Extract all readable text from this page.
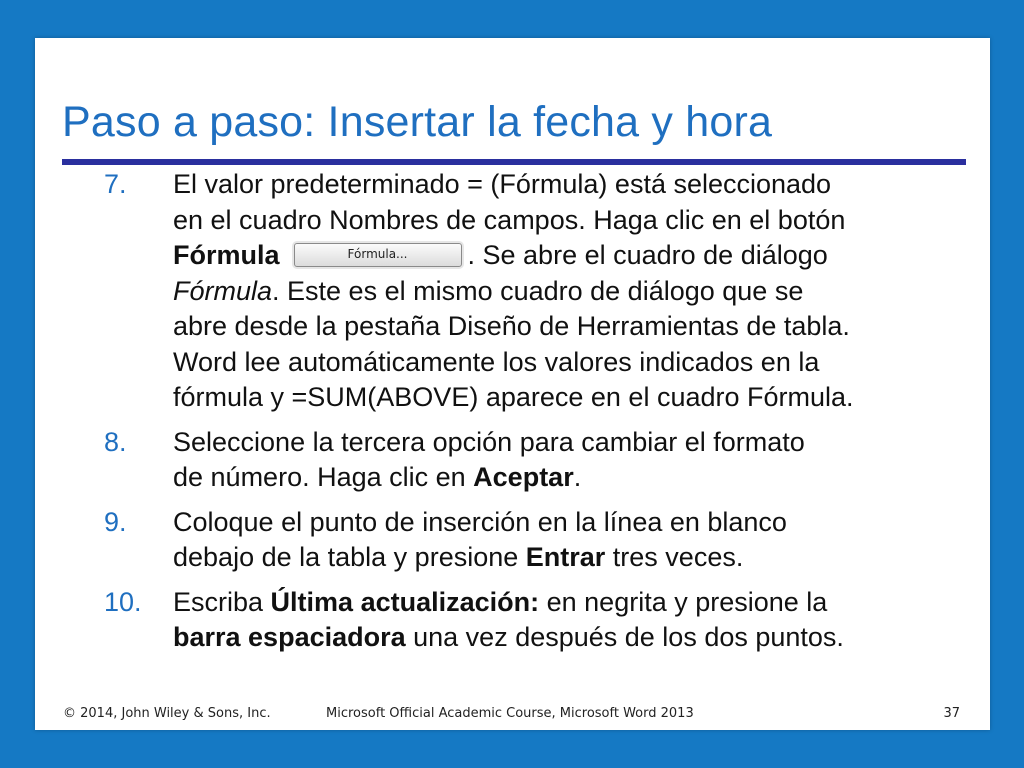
Paso a paso: Insertar la fecha y hora
7. El valor predeterminado = (Fórmula) está seleccionado
en el cuadro Nombres de campos. Haga clic en el botón
Fórmula	Fórmula...	. Se abre el cuadro de diálogo
Fórmula. Este es el mismo cuadro de diálogo que se
abre desde la pestaña Diseño de Herramientas de tabla.
Word lee automáticamente los valores indicados en la
fórmula y =SUM(ABOVE) aparece en el cuadro Fórmula.
8. Seleccione la tercera opción para cambiar el formato
de número. Haga clic en Aceptar.
9. Coloque el punto de inserción en la línea en blanco
debajo de la tabla y presione Entrar tres veces.
10. Escriba Última actualización: en negrita y presione la
barra espaciadora una vez después de los dos puntos.
© 2014, John Wiley & Sons, Inc.	Microsoft Official Academic Course, Microsoft Word 2013	37
